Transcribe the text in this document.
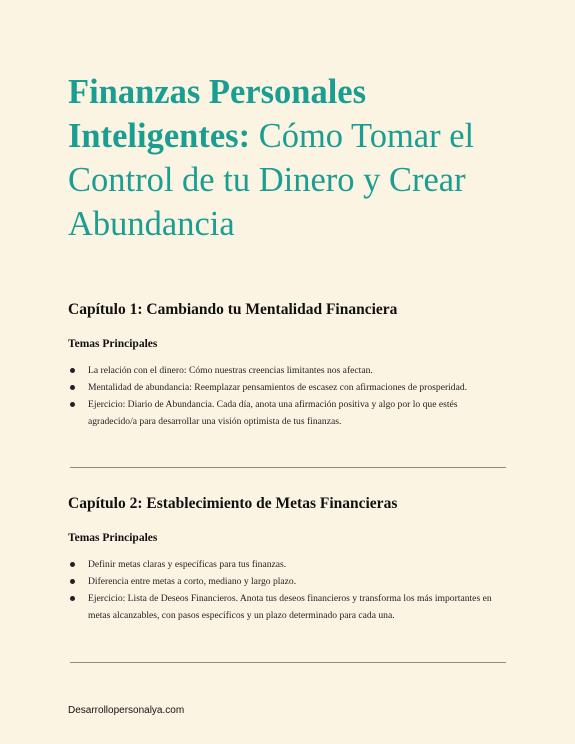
Finanzas Personales Inteligentes: Cómo Tomar el Control de tu Dinero y Crear Abundancia
Capítulo 1: Cambiando tu Mentalidad Financiera
Temas Principales
La relación con el dinero: Cómo nuestras creencias limitantes nos afectan.
Mentalidad de abundancia: Reemplazar pensamientos de escasez con afirmaciones de prosperidad.
Ejercicio: Diario de Abundancia. Cada día, anota una afirmación positiva y algo por lo que estés agradecido/a para desarrollar una visión optimista de tus finanzas.
Capítulo 2: Establecimiento de Metas Financieras
Temas Principales
Definir metas claras y específicas para tus finanzas.
Diferencia entre metas a corto, mediano y largo plazo.
Ejercicio: Lista de Deseos Financieros. Anota tus deseos financieros y transforma los más importantes en metas alcanzables, con pasos específicos y un plazo determinado para cada una.
Desarrollopersonalya.com
